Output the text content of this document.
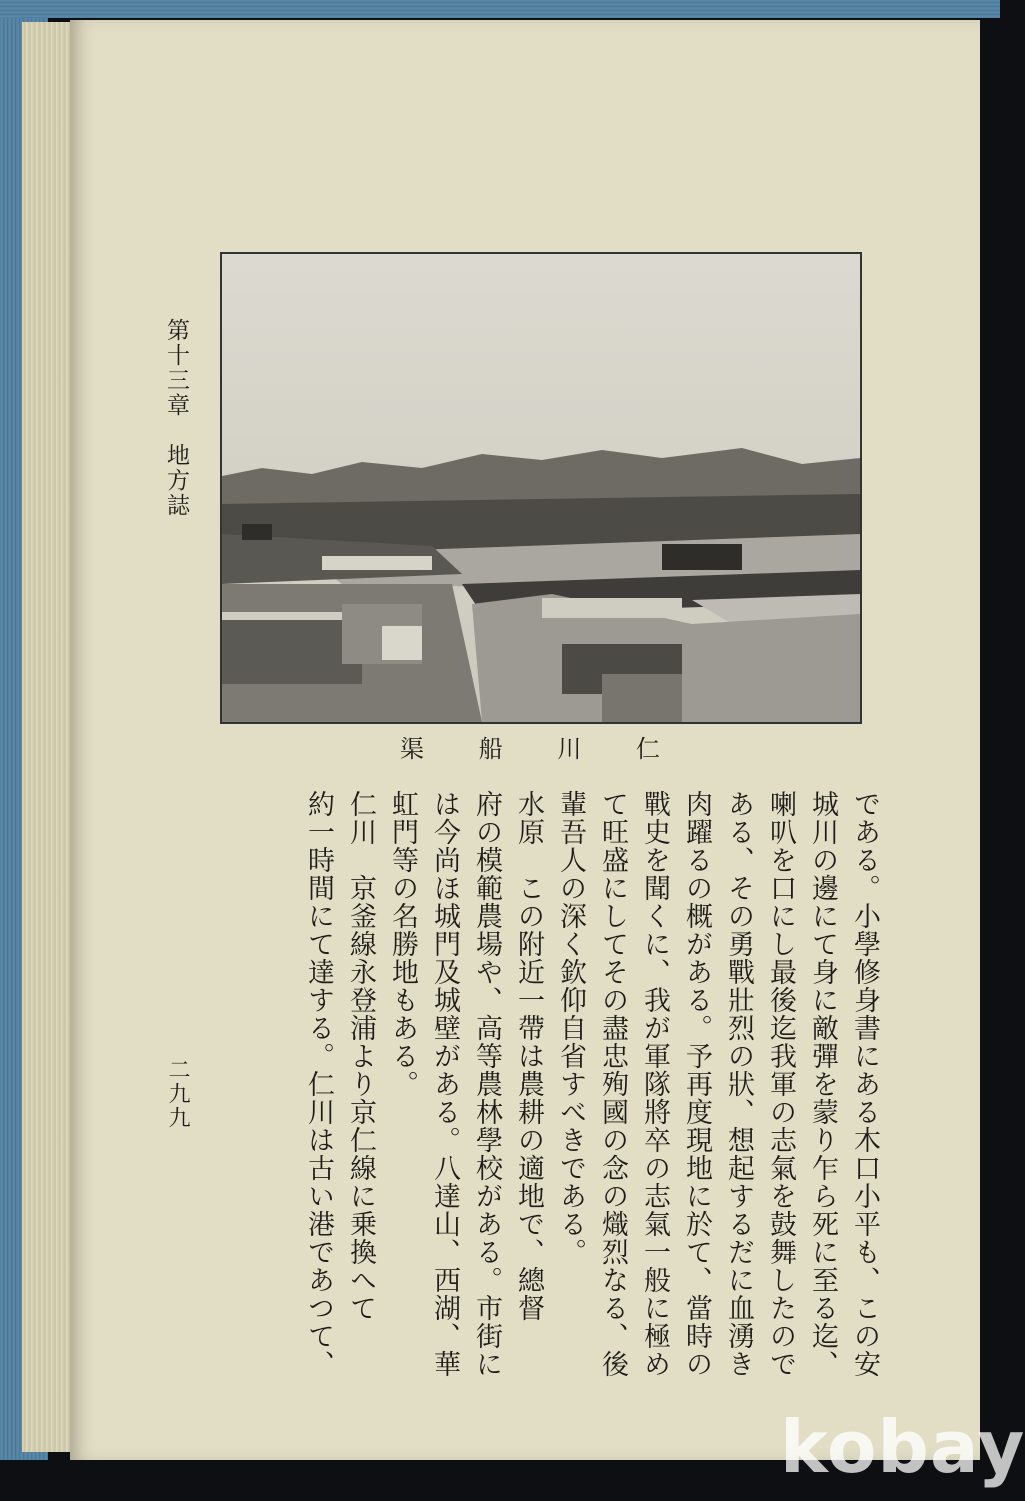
第十三章　地方誌
仁
川
船
渠

である。小學修身書にある木口小平も、この安

城川の邊にて身に敵彈を蒙り乍ら死に至る迄、

喇叭を口にし最後迄我軍の志氣を鼓舞したので

ある、その勇戰壯烈の狀、想起するだに血湧き

肉躍るの概がある。予再度現地に於て、當時の

戰史を聞くに、我が軍隊將卒の志氣一般に極め

て旺盛にしてその盡忠殉國の念の熾烈なる、後

輩吾人の深く欽仰自省すべきである。

水原　この附近一帶は農耕の適地で、總督

府の模範農場や、高等農林學校がある。市街に

は今尚ほ城門及城壁がある。八達山、西湖、華

虹門等の名勝地もある。

仁川　京釜線永登浦より京仁線に乗換へて

約一時間にて達する。仁川は古い港であつて、

二九九
kobay
